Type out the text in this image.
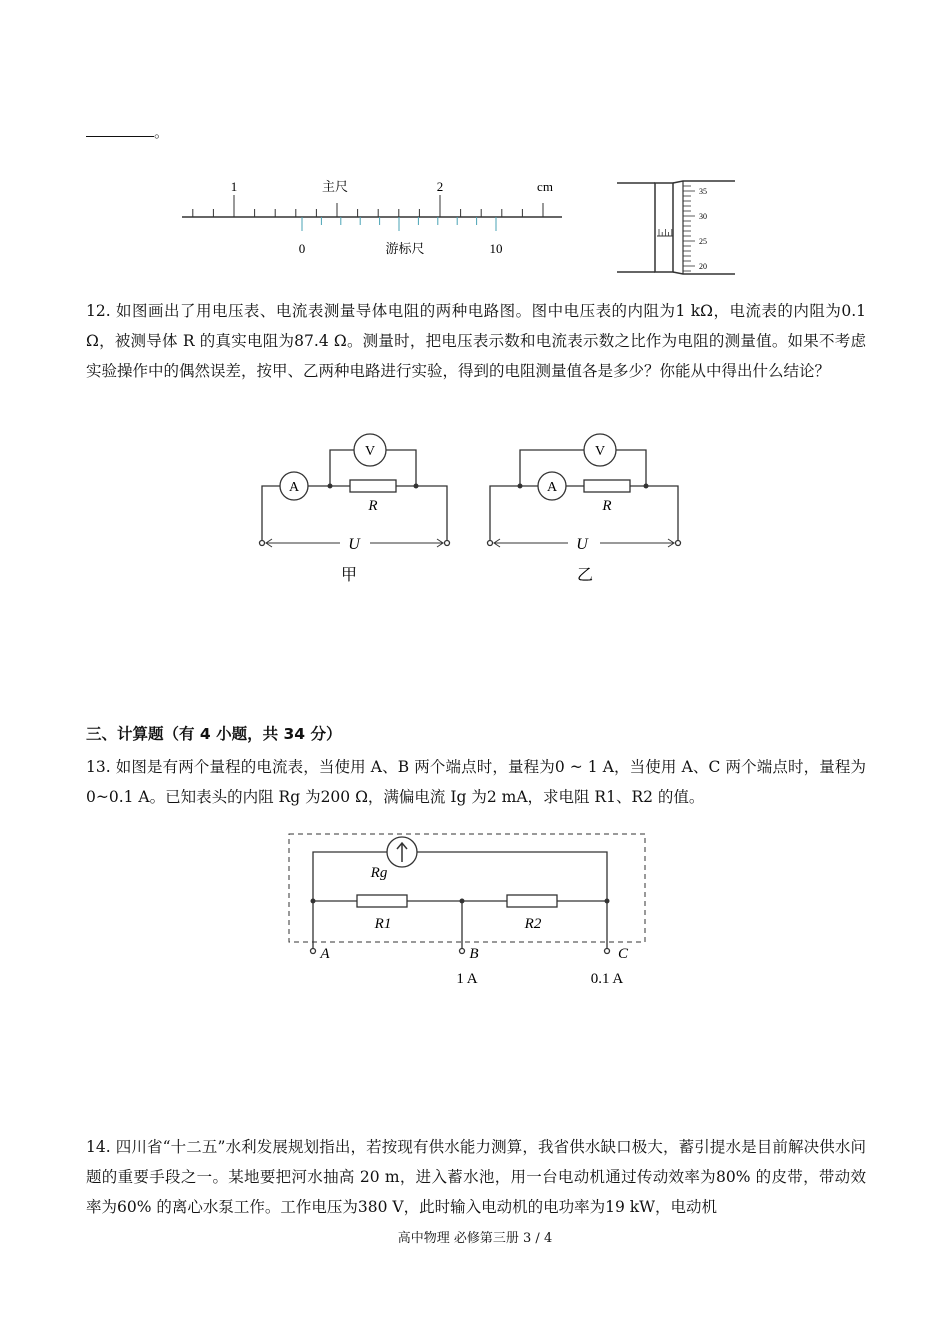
。
1	2
主尺	cm
0	10
游标尺
35
30
25
20
12. 如图画出了用电压表、电流表测量导体电阻的两种电路图。图中电压表的内阻为1 kΩ，电流表的内阻为0.1 Ω，被测导体 R 的真实电阻为87.4 Ω。测量时，把电压表示数和电流表示数之比作为电阻的测量值。如果不考虑实验操作中的偶然误差，按甲、乙两种电路进行实验，得到的电阻测量值各是多少？你能从中得出什么结论？
A
V
R
U
甲
A
V
R
U
乙
三、计算题（有 4 小题，共 34 分）
13. 如图是有两个量程的电流表，当使用 A、B 两个端点时，量程为0 ~ 1 A，当使用 A、C 两个端点时，量程为0~0.1 A。已知表头的内阻 Rg 为200 Ω，满偏电流 Ig 为2 mA，求电阻 R1、R2 的值。
Rg
R1	R2
A	B	C
1 A	0.1 A
14. 四川省“十二五”水利发展规划指出，若按现有供水能力测算，我省供水缺口极大，蓄引提水是目前解决供水问题的重要手段之一。某地要把河水抽高 20 m，进入蓄水池，用一台电动机通过传动效率为80% 的皮带，带动效率为60% 的离心水泵工作。工作电压为380 V，此时输入电动机的电功率为19 kW，电动机
高中物理 必修第三册 3 / 4
